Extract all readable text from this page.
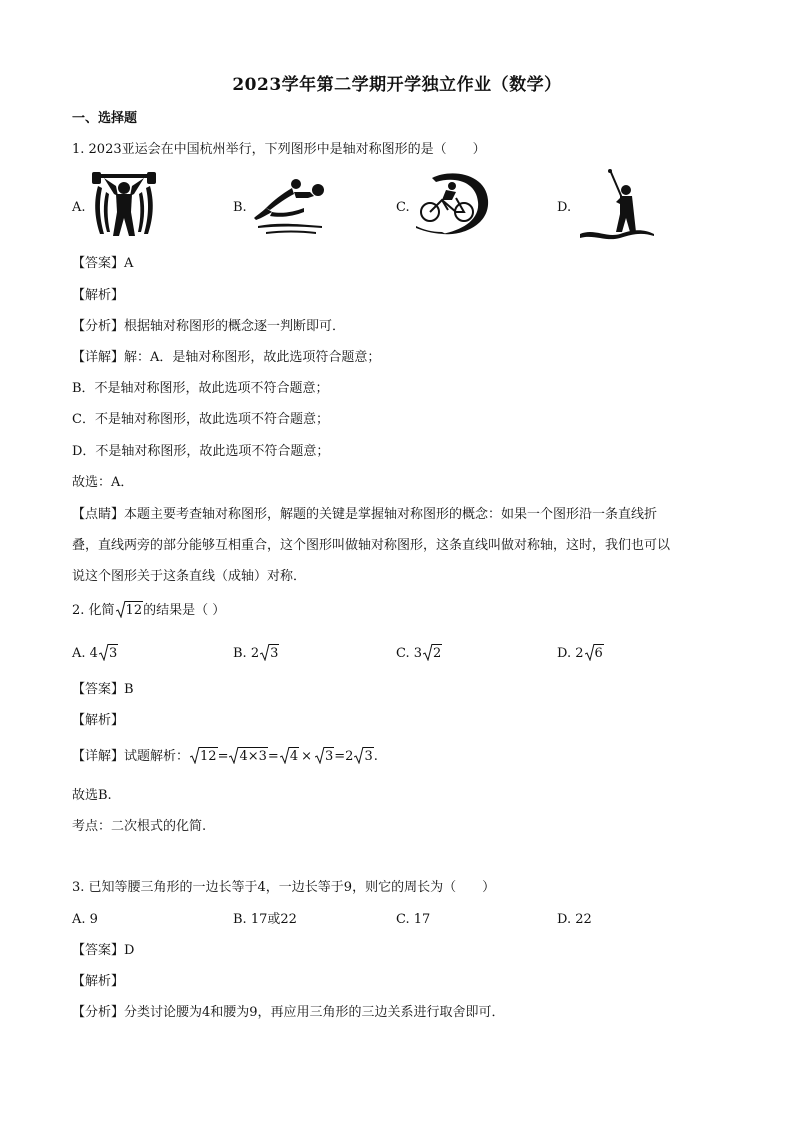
2023学年第二学期开学独立作业（数学）
一、选择题
1. 2023亚运会在中国杭州举行，下列图形中是轴对称图形的是（　　）
A.	B.	C.	D.
【答案】A
【解析】
【分析】根据轴对称图形的概念逐一判断即可．
【详解】解：A．是轴对称图形，故此选项符合题意；
B．不是轴对称图形，故此选项不符合题意；
C．不是轴对称图形，故此选项不符合题意；
D．不是轴对称图形，故此选项不符合题意；
故选：A．
【点睛】本题主要考查轴对称图形，解题的关键是掌握轴对称图形的概念：如果一个图形沿一条直线折
叠，直线两旁的部分能够互相重合，这个图形叫做轴对称图形，这条直线叫做对称轴，这时，我们也可以
说这个图形关于这条直线（成轴）对称．
2. 化简 12 的结果是（ ）
A. 4 3	B. 2 3	C. 3 2	D. 2 6
【答案】B
【解析】
【详解】试题解析： 12 = 4×3 = 4 ×	3 =2 3 .
故选B.
考点：二次根式的化简.
3. 已知等腰三角形的一边长等于4，一边长等于9，则它的周长为（　　）
A. 9	B. 17或22	C. 17	D. 22
【答案】D
【解析】
【分析】分类讨论腰为4和腰为9，再应用三角形的三边关系进行取舍即可．
